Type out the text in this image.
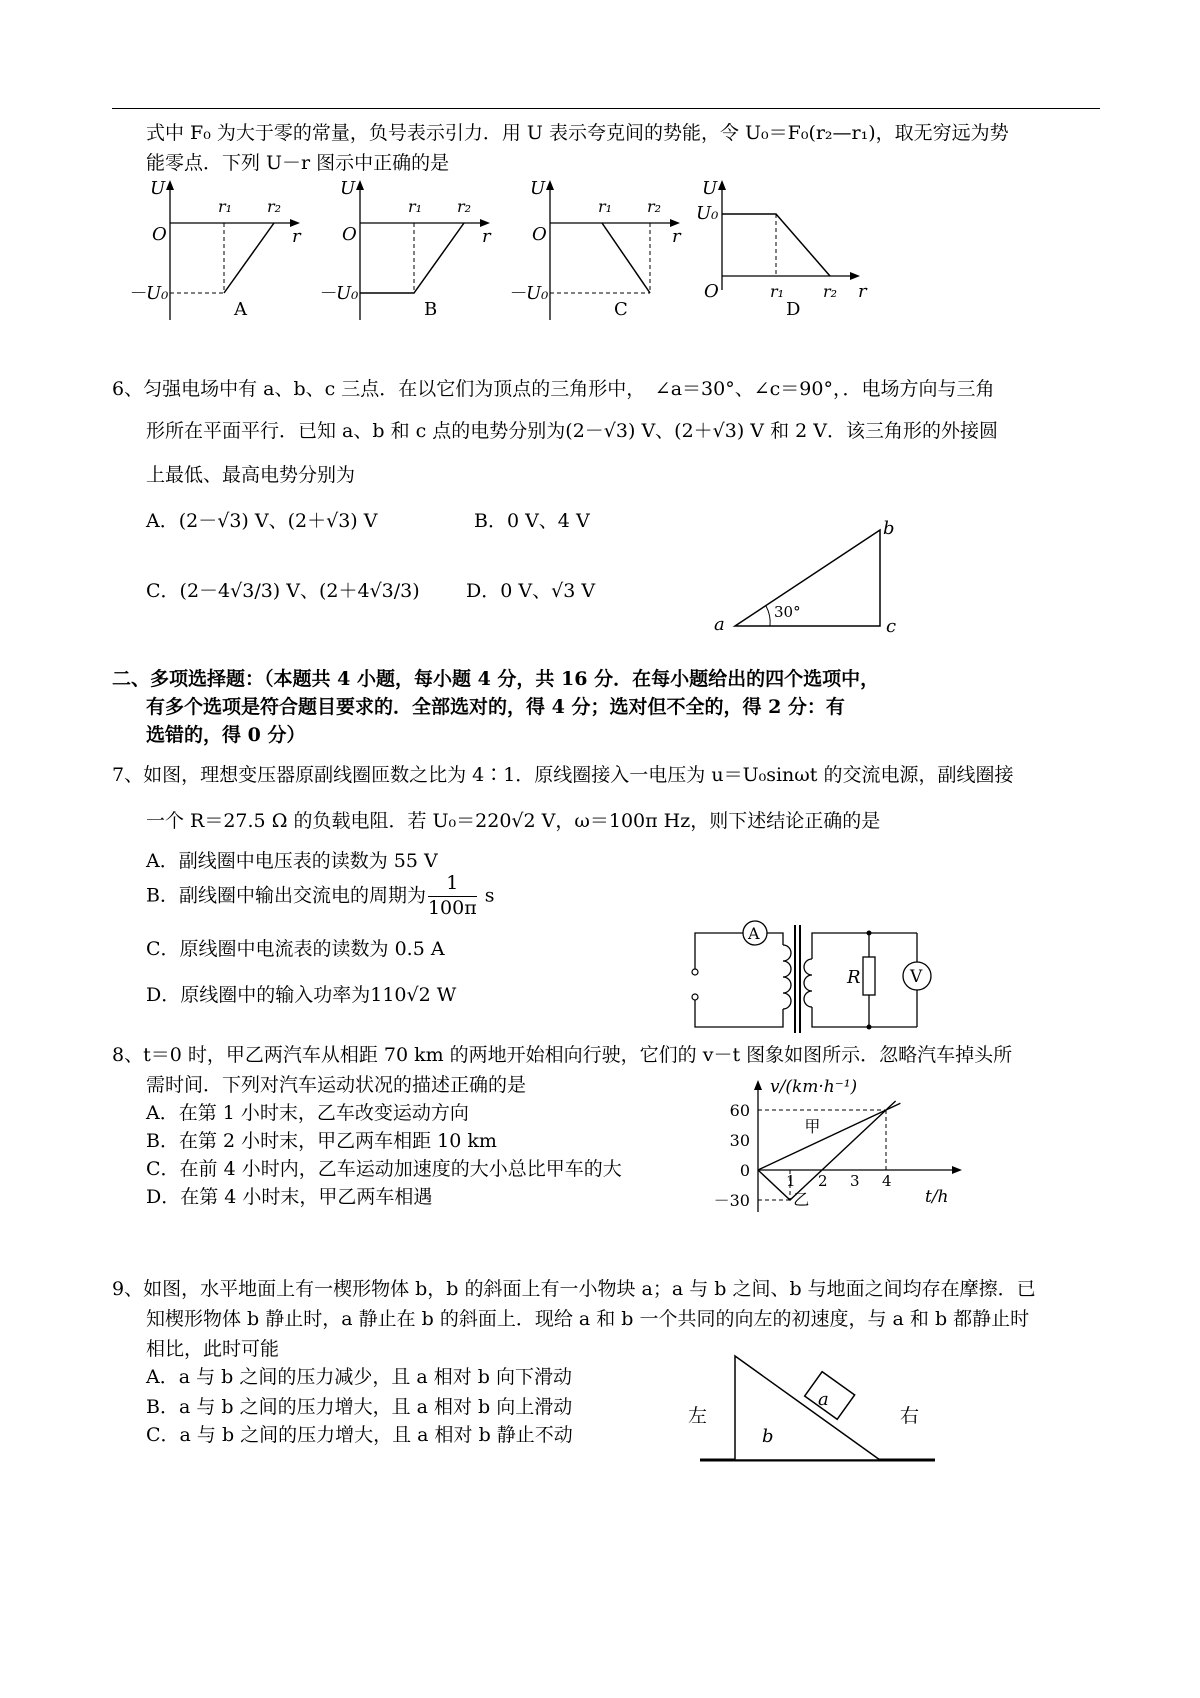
式中 F₀ 为大于零的常量，负号表示引力．用 U 表示夸克间的势能，令 U₀＝F₀(r₂—r₁)，取无穷远为势
能零点．下列 U－r 图示中正确的是
U
O	r
r₁ r₂
－U₀
A
U
O	r
r₁ r₂
－U₀
B
U
O	r
r₁ r₂
－U₀
C
U
O	r
U₀
r₁ r₂
D
6、匀强电场中有 a、b、c 三点．在以它们为顶点的三角形中，　∠a＝30°、∠c＝90°，．电场方向与三角
形所在平面平行．已知 a、b 和 c 点的电势分别为(2－√3) V、(2＋√3) V 和 2 V．该三角形的外接圆
上最低、最高电势分别为
A．(2－√3) V、(2＋√3) V	B．0 V、4 V
C．(2－4√3/3) V、(2＋4√3/3) D．0 V、√3 V
30°
a
b
c
二、多项选择题：（本题共 4 小题，每小题 4 分，共 16 分．在每小题给出的四个选项中，
有多个选项是符合题目要求的．全部选对的，得 4 分；选对但不全的，得 2 分：有
选错的，得 0 分）
7、如图，理想变压器原副线圈匝数之比为 4∶1．原线圈接入一电压为 u＝U₀sinωt 的交流电源，副线圈接
一个 R＝27.5 Ω 的负载电阻．若 U₀＝220√2 V，ω＝100π Hz，则下述结论正确的是
A．副线圈中电压表的读数为 55 V
B．副线圈中输出交流电的周期为 $\frac{1}{100\pi}$ s
C．原线圈中电流表的读数为 0.5 A
D．原线圈中的输入功率为110√2 W
A
R	V
8、t＝0 时，甲乙两汽车从相距 70 km 的两地开始相向行驶，它们的 v－t 图象如图所示．忽略汽车掉头所
需时间．下列对汽车运动状况的描述正确的是
A．在第 1 小时末，乙车改变运动方向
B．在第 2 小时末，甲乙两车相距 10 km
C．在前 4 小时内，乙车运动加速度的大小总比甲车的大
D．在第 4 小时末，甲乙两车相遇
v/(km·h⁻¹)
t/h
60
30
0
－30
1 2 3 4
甲
乙
9、如图，水平地面上有一楔形物体 b，b 的斜面上有一小物块 a；a 与 b 之间、b 与地面之间均存在摩擦．已
知楔形物体 b 静止时，a 静止在 b 的斜面上．现给 a 和 b 一个共同的向左的初速度，与 a 和 b 都静止时
相比，此时可能
A．a 与 b 之间的压力减少，且 a 相对 b 向下滑动
B．a 与 b 之间的压力增大，且 a 相对 b 向上滑动
C．a 与 b 之间的压力增大，且 a 相对 b 静止不动
a
b
左	右
